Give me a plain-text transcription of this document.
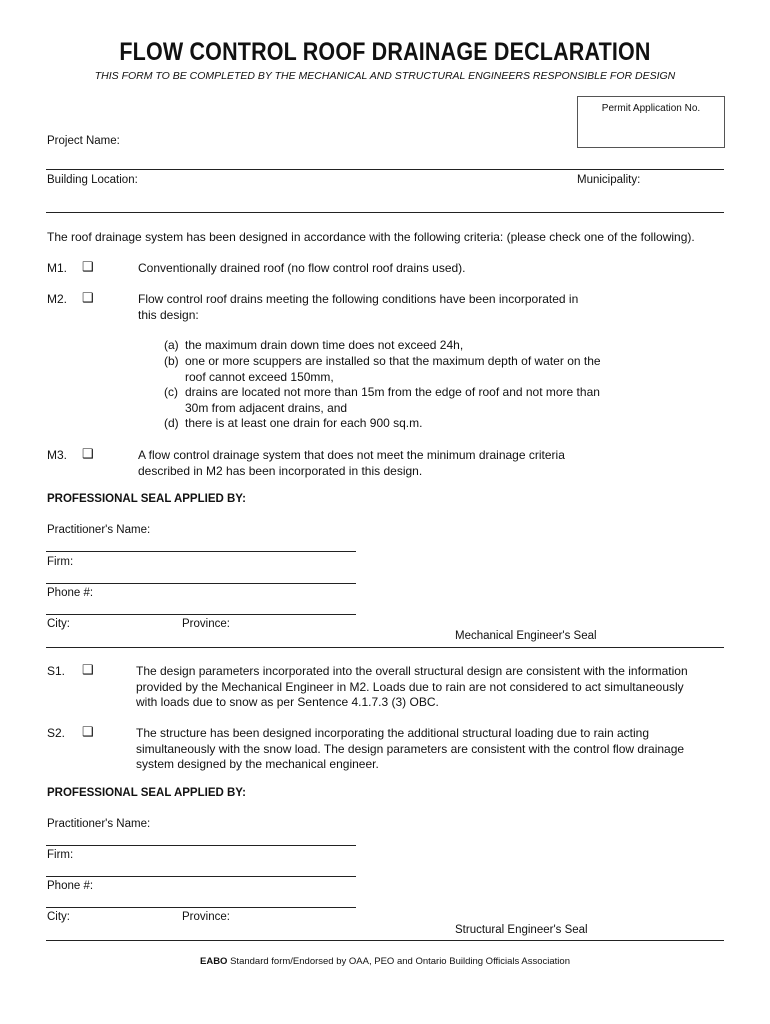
FLOW CONTROL ROOF DRAINAGE DECLARATION
THIS FORM TO BE COMPLETED BY THE MECHANICAL AND STRUCTURAL ENGINEERS RESPONSIBLE FOR DESIGN
Permit Application No.
Project Name:
Building Location:	Municipality:
The roof drainage system has been designed in accordance with the following criteria: (please check one of the following).
M1. ❑	Conventionally drained roof (no flow control roof drains used).
M2. ❑	Flow control roof drains meeting the following conditions have been incorporated in
this design:
(a) the maximum drain down time does not exceed 24h,
(b) one or more scuppers are installed so that the maximum depth of water on the
roof cannot exceed 150mm,
(c) drains are located not more than 15m from the edge of roof and not more than
30m from adjacent drains, and
(d) there is at least one drain for each 900 sq.m.
M3. ❑	A flow control drainage system that does not meet the minimum drainage criteria
described in M2 has been incorporated in this design.
PROFESSIONAL SEAL APPLIED BY:
Practitioner's Name:
Firm:
Phone #:
City:	Province:
Mechanical Engineer's Seal
S1. ❑	The design parameters incorporated into the overall structural design are consistent with the information
provided by the Mechanical Engineer in M2. Loads due to rain are not considered to act simultaneously
with loads due to snow as per Sentence 4.1.7.3 (3) OBC.
S2. ❑	The structure has been designed incorporating the additional structural loading due to rain acting
simultaneously with the snow load. The design parameters are consistent with the control flow drainage
system designed by the mechanical engineer.
PROFESSIONAL SEAL APPLIED BY:
Practitioner's Name:
Firm:
Phone #:
City:	Province:
Structural Engineer's Seal
EABO Standard form/Endorsed by OAA, PEO and Ontario Building Officials Association
